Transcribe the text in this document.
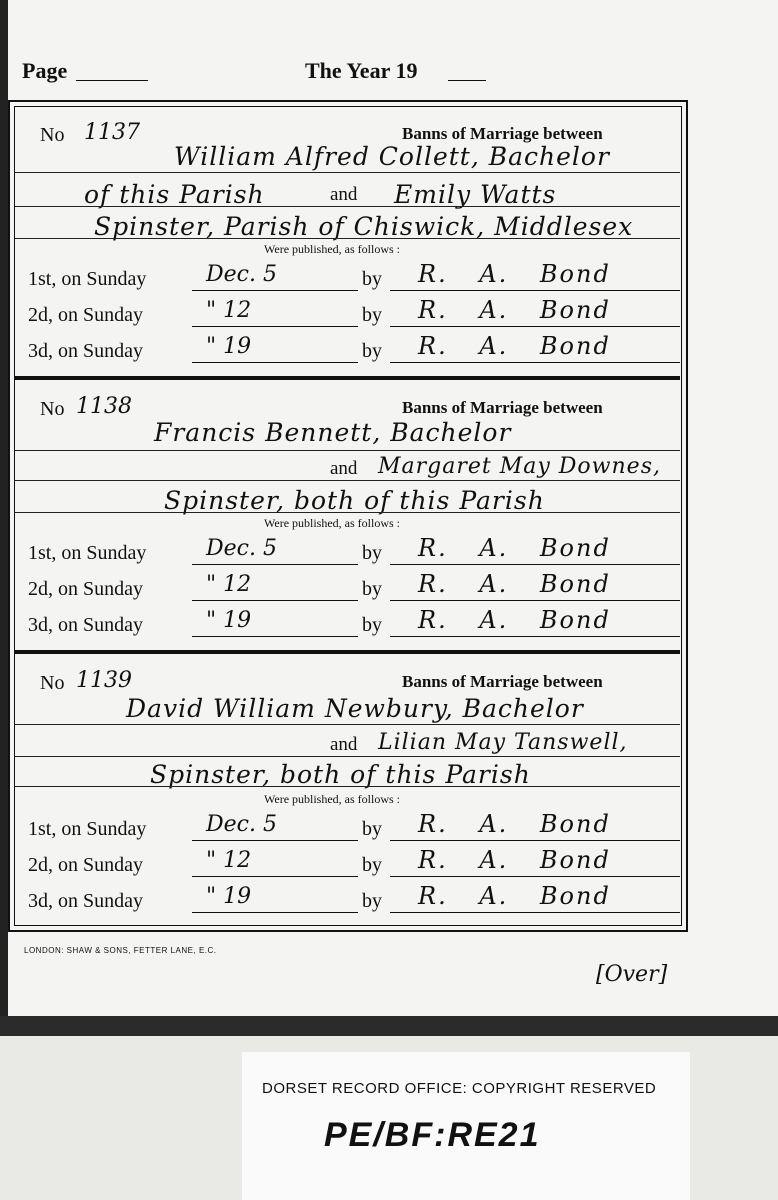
Page	The Year 19
No 1137	Banns of Marriage between
William Alfred Collett, Bachelor
of this Parish	and Emily Watts
Spinster, Parish of Chiswick, Middlesex
Were published, as follows :
1st, on Sunday	Dec. 5	by R. A. Bond
2d, on Sunday	" 12	by R. A. Bond
3d, on Sunday	" 19	by R. A. Bond
No 1138	Banns of Marriage between
Francis Bennett, Bachelor
and Margaret May Downes,
Spinster, both of this Parish
Were published, as follows :
1st, on Sunday	Dec. 5	by R. A. Bond
2d, on Sunday	" 12	by R. A. Bond
3d, on Sunday	" 19	by R. A. Bond
No 1139	Banns of Marriage between
David William Newbury, Bachelor
and Lilian May Tanswell,
Spinster, both of this Parish
Were published, as follows :
1st, on Sunday	Dec. 5	by R. A. Bond
2d, on Sunday	" 12	by R. A. Bond
3d, on Sunday	" 19	by R. A. Bond
LONDON: SHAW & SONS, FETTER LANE, E.C.
[Over]
DORSET RECORD OFFICE: COPYRIGHT RESERVED
PE/BF:RE21
